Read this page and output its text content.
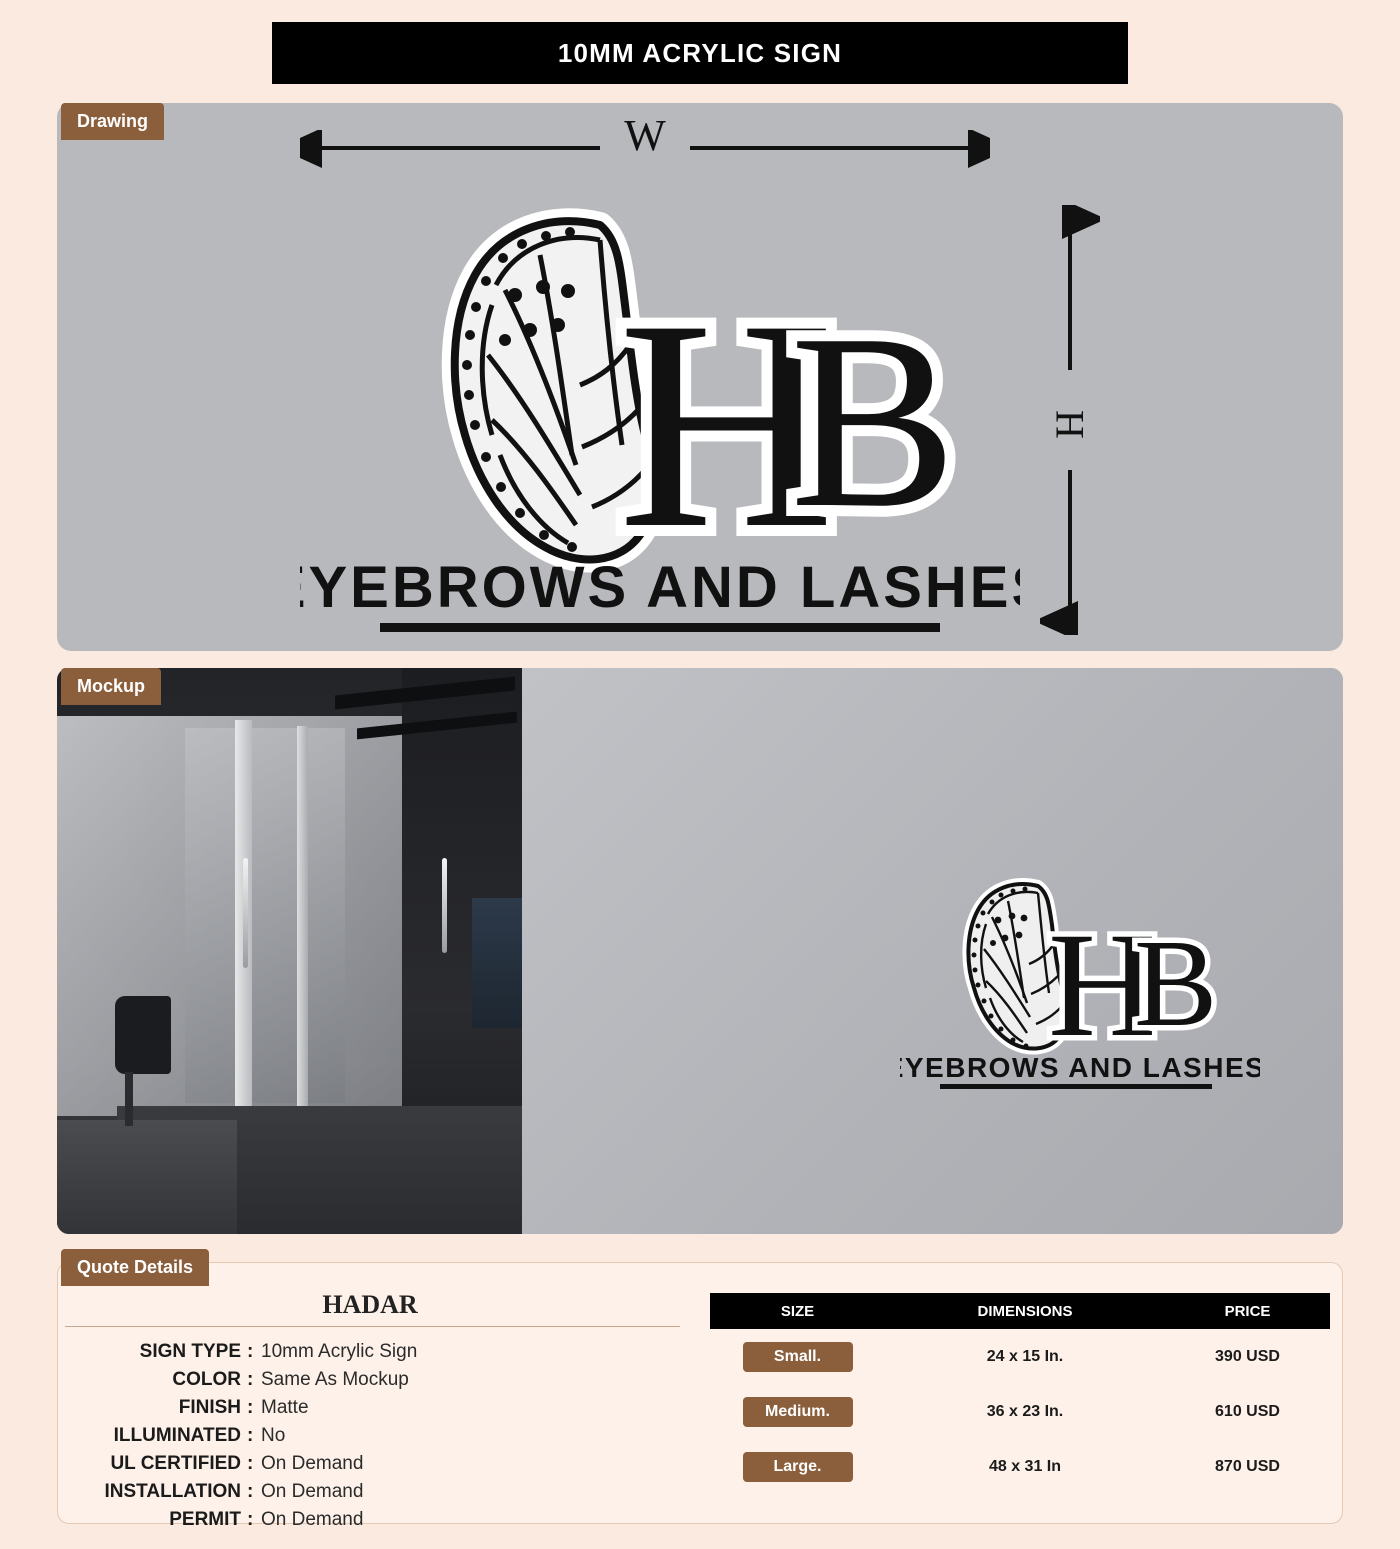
10MM ACRYLIC SIGN
Drawing	W
H
H
B
EYEBROWS AND LASHES
Mockup
H
B
EYEBROWS AND LASHES
Quote Details
HADAR
SIGN TYPE : 10mm Acrylic Sign
COLOR : Same As Mockup
FINISH : Matte
ILLUMINATED : No
UL CERTIFIED : On Demand
INSTALLATION : On Demand
PERMIT : On Demand
SIZE	DIMENSIONS	PRICE
Small.	24 x 15 In.	390 USD
Medium.	36 x 23 In.	610 USD
Large.	48 x 31 In	870 USD
